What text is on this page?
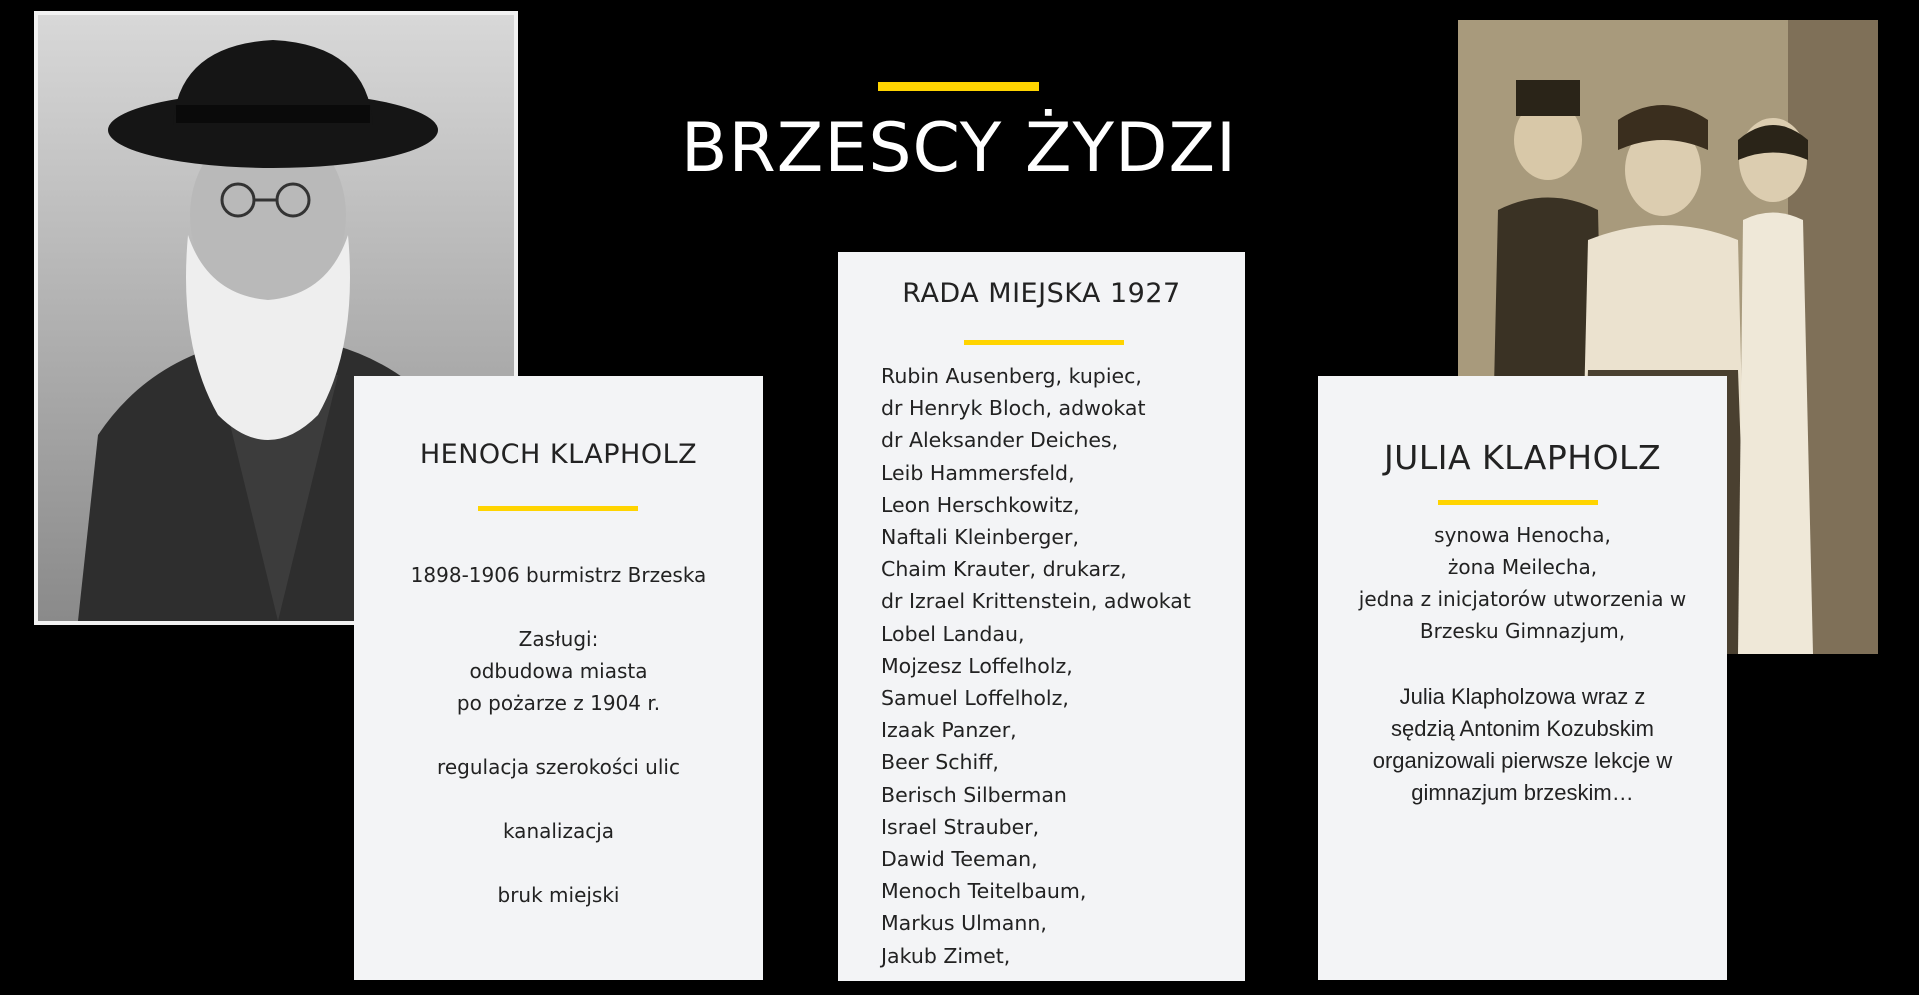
BRZESCY ŻYDZI
HENOCH KLAPHOLZ
1898-1906 burmistrz Brzeska
Zasługi:
odbudowa miasta
po pożarze z 1904 r.
regulacja szerokości ulic
kanalizacja
bruk miejski
RADA MIEJSKA 1927
Rubin Ausenberg, kupiec,
dr Henryk Bloch, adwokat
dr Aleksander Deiches,
Leib Hammersfeld,
Leon Herschkowitz,
Naftali Kleinberger,
Chaim Krauter, drukarz,
dr Izrael Krittenstein, adwokat
Lobel Landau,
Mojzesz Loffelholz,
Samuel Loffelholz,
Izaak Panzer,
Beer Schiff,
Berisch Silberman
Israel Strauber,
Dawid Teeman,
Menoch Teitelbaum,
Markus Ulmann,
Jakub Zimet,
JULIA KLAPHOLZ
synowa Henocha,
żona Meilecha,
jedna z inicjatorów utworzenia w
Brzesku Gimnazjum,
Julia Klapholzowa wraz z
sędzią Antonim Kozubskim
organizowali pierwsze lekcje w
gimnazjum brzeskim…
